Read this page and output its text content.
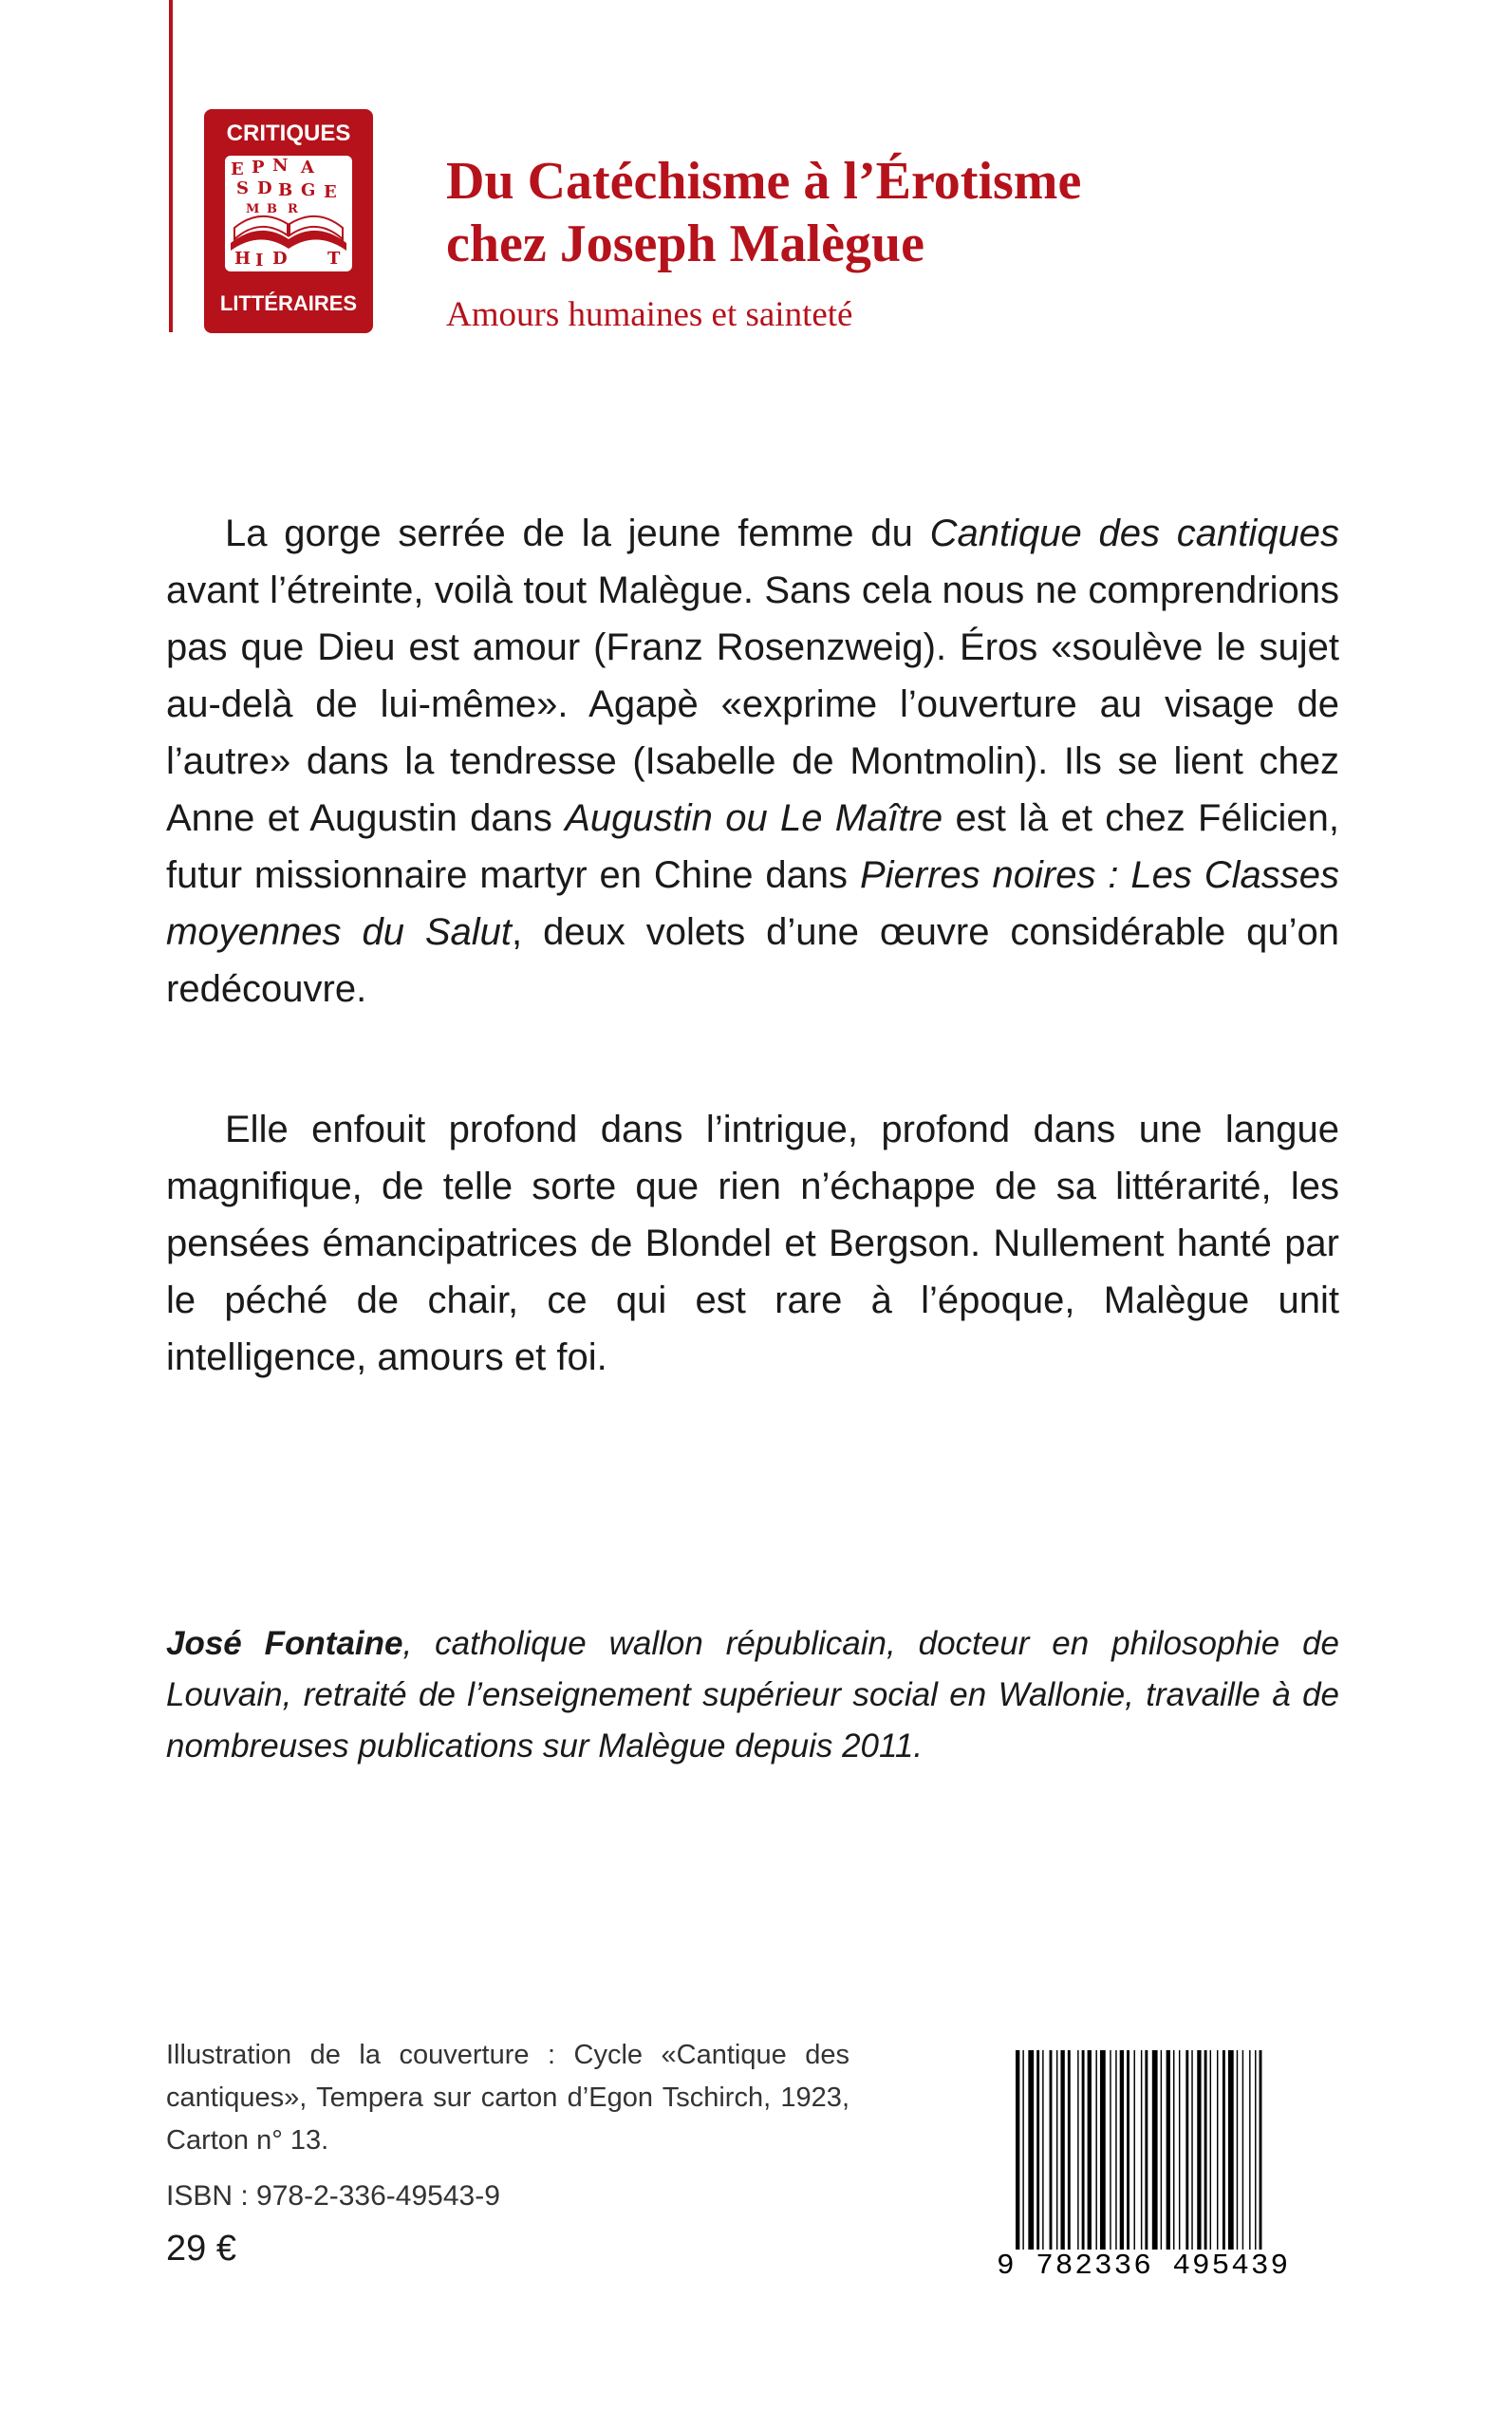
CRITIQUES
E P N A
S D B G E
M B R
H I D T
LITTÉRAIRES
Du Catéchisme à l’Érotisme
chez Joseph Malègue
Amours humaines et sainteté

La gorge serrée de la jeune femme du Cantique des cantiques avant l’étreinte, voilà tout Malègue. Sans cela nous ne comprendrions pas que Dieu est amour (Franz Rosenzweig). Éros «soulève le sujet au-delà de lui-même». Agapè «exprime l’ouverture au visage de l’autre» dans la tendresse (Isabelle de Montmolin). Ils se lient chez Anne et Augustin dans Augustin ou Le Maître est là et chez Félicien, futur missionnaire martyr en Chine dans Pierres noires : Les Classes moyennes du Salut, deux volets d’une œuvre considérable qu’on redécouvre.

Elle enfouit profond dans l’intrigue, profond dans une langue magnifique, de telle sorte que rien n’échappe de sa littérarité, les pensées émancipatrices de Blondel et Bergson. Nullement hanté par le péché de chair, ce qui est rare à l’époque, Malègue unit intelligence, amours et foi.

José Fontaine, catholique wallon républicain, docteur en philosophie de Louvain, retraité de l’enseignement supérieur social en Wallonie, travaille à de nombreuses publications sur Malègue depuis 2011.
Illustration de la couverture : Cycle «Cantique des cantiques», Tempera sur carton d’Egon Tschirch, 1923, Carton n° 13.
ISBN : 978-2-336-49543-9
29 €	9 782336 495439
